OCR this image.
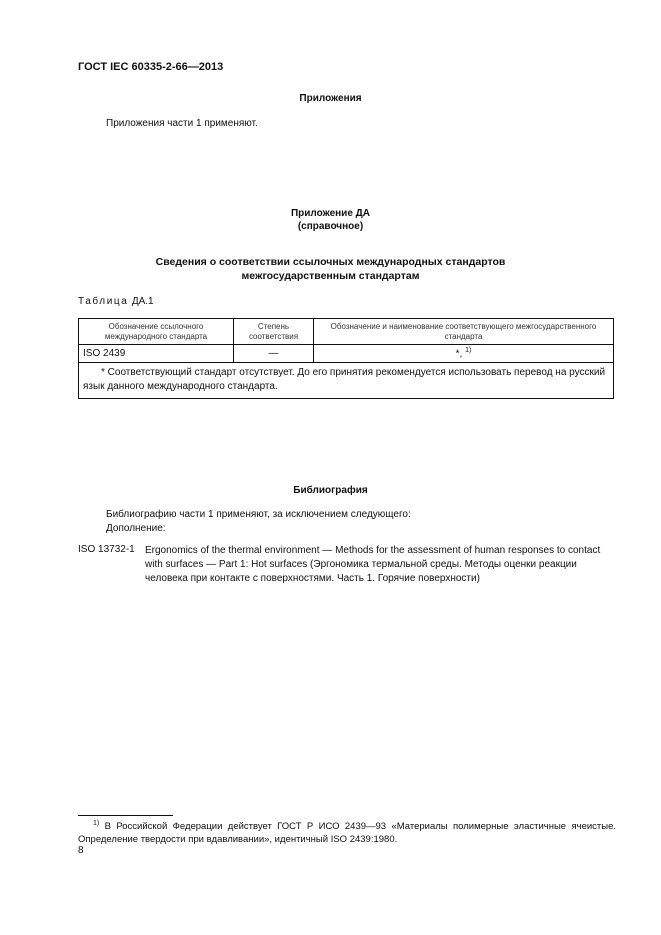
ГОСТ IEC 60335-2-66—2013
Приложения
Приложения части 1 применяют.
Приложение ДА
(справочное)
Сведения о соответствии ссылочных международных стандартов
межгосударственным стандартам
Таблица ДА.1
Обозначение ссылочного международного стандарта	Степень соответствия	Обозначение и наименование соответствующего межгосударственного стандарта
ISO 2439	—	*, $^{1)}$
* Соответствующий стандарт отсутствует. До его принятия рекомендуется использовать перевод на русский язык данного международного стандарта.		
Библиография
Библиографию части 1 применяют, за исключением следующего:
Дополнение:
ISO 13732-1 Ergonomics of the thermal environment — Methods for the assessment of human responses to contact with surfaces — Part 1: Hot surfaces (Эргономика термальной среды. Методы оценки реакции человека при контакте с поверхностями. Часть 1. Горячие поверхности)
$^{1)}$ В Российской Федерации действует ГОСТ Р ИСО 2439—93 «Материалы полимерные эластичные ячеистые. Определение твердости при вдавливании», идентичный ISO 2439:1980.
8
